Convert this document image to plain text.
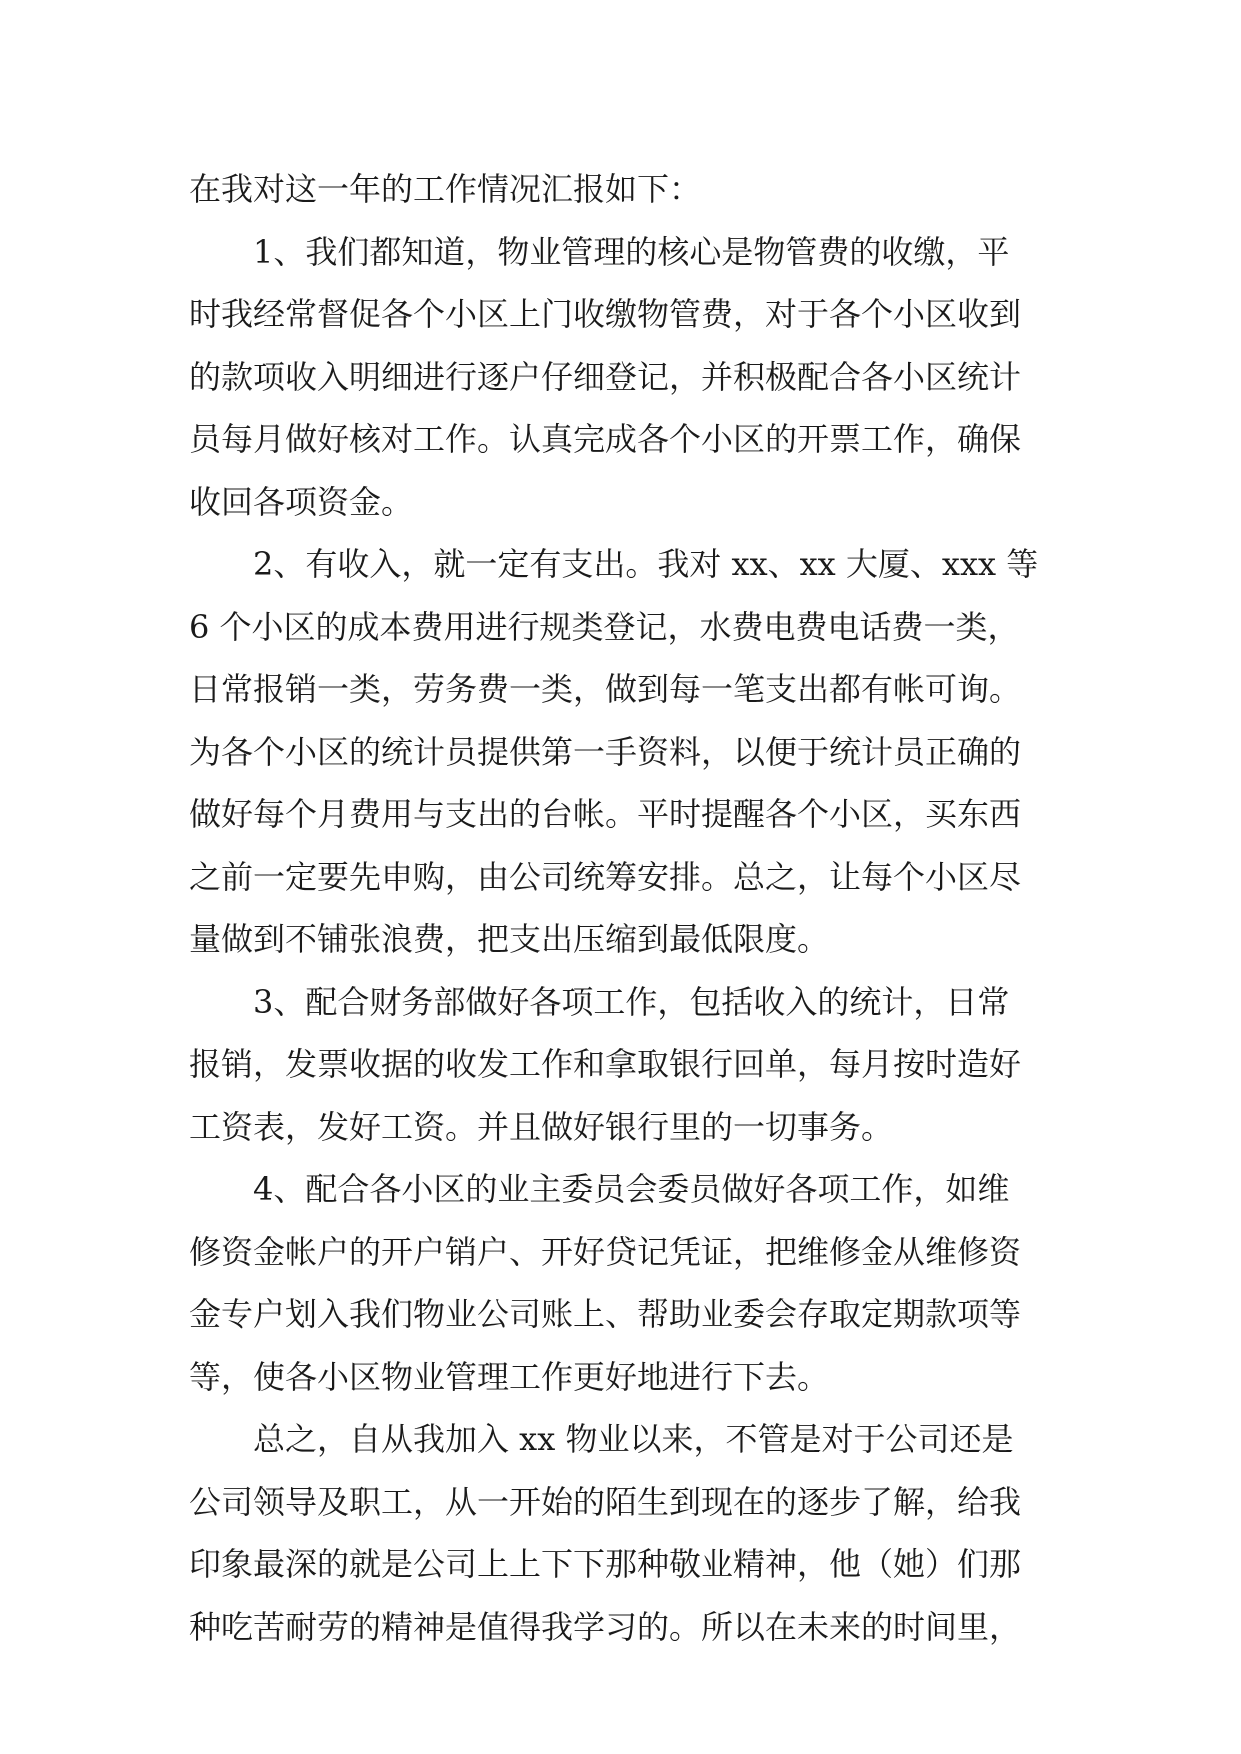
在我对这一年的工作情况汇报如下：
1、我们都知道，物业管理的核心是物管费的收缴，平
时我经常督促各个小区上门收缴物管费，对于各个小区收到
的款项收入明细进行逐户仔细登记，并积极配合各小区统计
员每月做好核对工作。认真完成各个小区的开票工作，确保
收回各项资金。
2、有收入，就一定有支出。我对 xx、xx 大厦、xxx 等
6 个小区的成本费用进行规类登记，水费电费电话费一类，
日常报销一类，劳务费一类，做到每一笔支出都有帐可询。
为各个小区的统计员提供第一手资料，以便于统计员正确的
做好每个月费用与支出的台帐。平时提醒各个小区，买东西
之前一定要先申购，由公司统筹安排。总之，让每个小区尽
量做到不铺张浪费，把支出压缩到最低限度。
3、配合财务部做好各项工作，包括收入的统计，日常
报销，发票收据的收发工作和拿取银行回单，每月按时造好
工资表，发好工资。并且做好银行里的一切事务。
4、配合各小区的业主委员会委员做好各项工作，如维
修资金帐户的开户销户、开好贷记凭证，把维修金从维修资
金专户划入我们物业公司账上、帮助业委会存取定期款项等
等，使各小区物业管理工作更好地进行下去。
总之，自从我加入 xx 物业以来，不管是对于公司还是
公司领导及职工，从一开始的陌生到现在的逐步了解，给我
印象最深的就是公司上上下下那种敬业精神，他（她）们那
种吃苦耐劳的精神是值得我学习的。所以在未来的时间里，
